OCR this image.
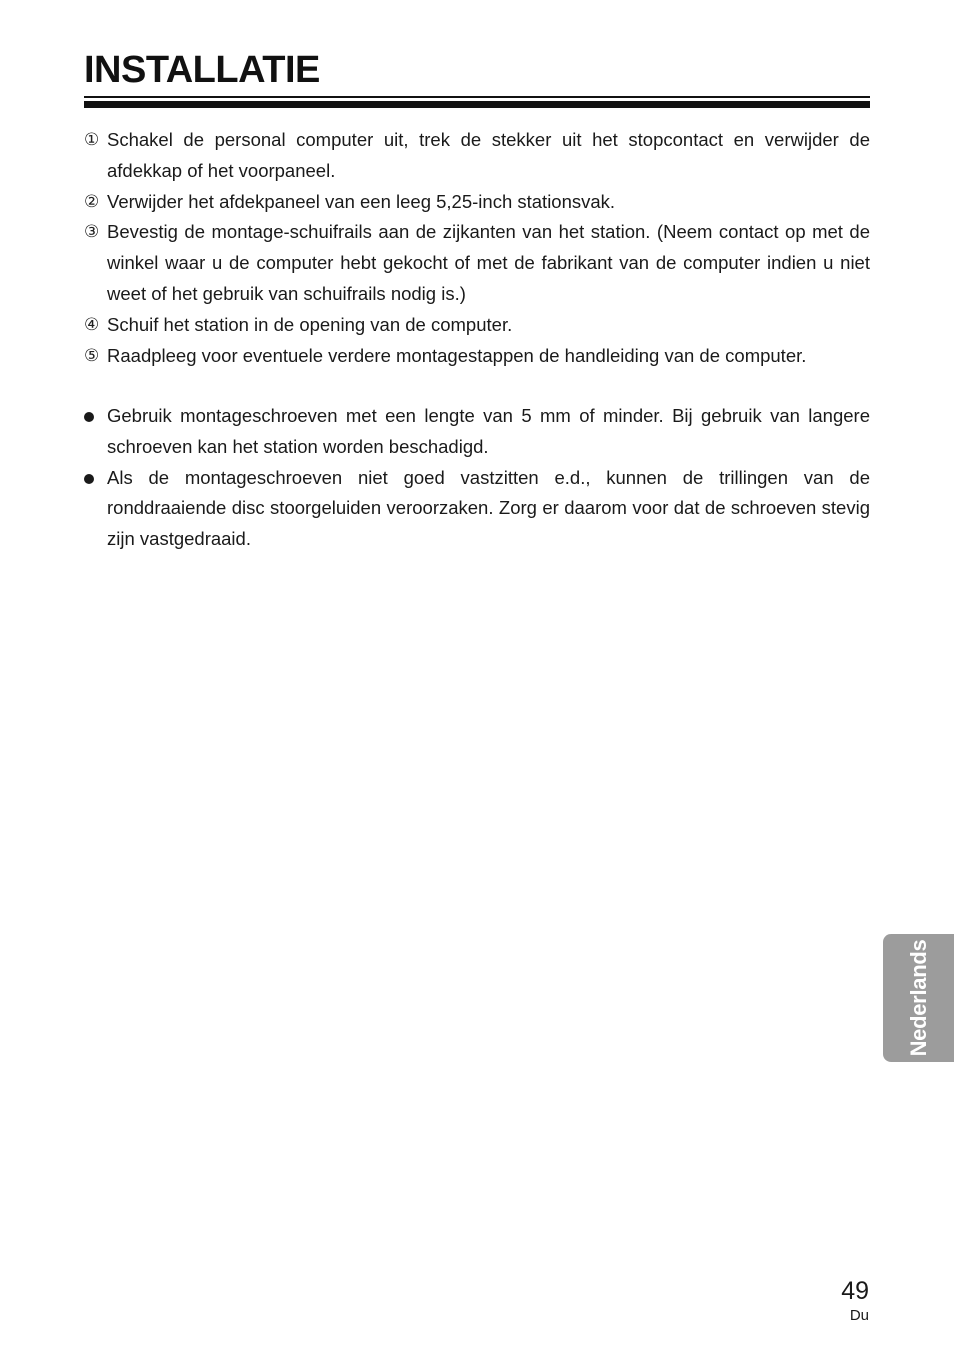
INSTALLATIE
① Schakel de personal computer uit, trek de stekker uit het stopcontact en verwijder de afdekkap of het voorpaneel.
② Verwijder het afdekpaneel van een leeg 5,25-inch stationsvak.
③ Bevestig de montage-schuifrails aan de zijkanten van het station. (Neem contact op met de winkel waar u de computer hebt gekocht of met de fabrikant van de computer indien u niet weet of het gebruik van schuifrails nodig is.)
④ Schuif het station in de opening van de computer.
⑤ Raadpleeg voor eventuele verdere montagestappen de handleiding van de computer.
Gebruik montageschroeven met een lengte van 5 mm of minder. Bij gebruik van langere schroeven kan het station worden beschadigd.
Als de montageschroeven niet goed vastzitten e.d., kunnen de trillingen van de ronddraaiende disc stoorgeluiden veroorzaken. Zorg er daarom voor dat de schroeven stevig zijn vastgedraaid.
Nederlands
49
Du
